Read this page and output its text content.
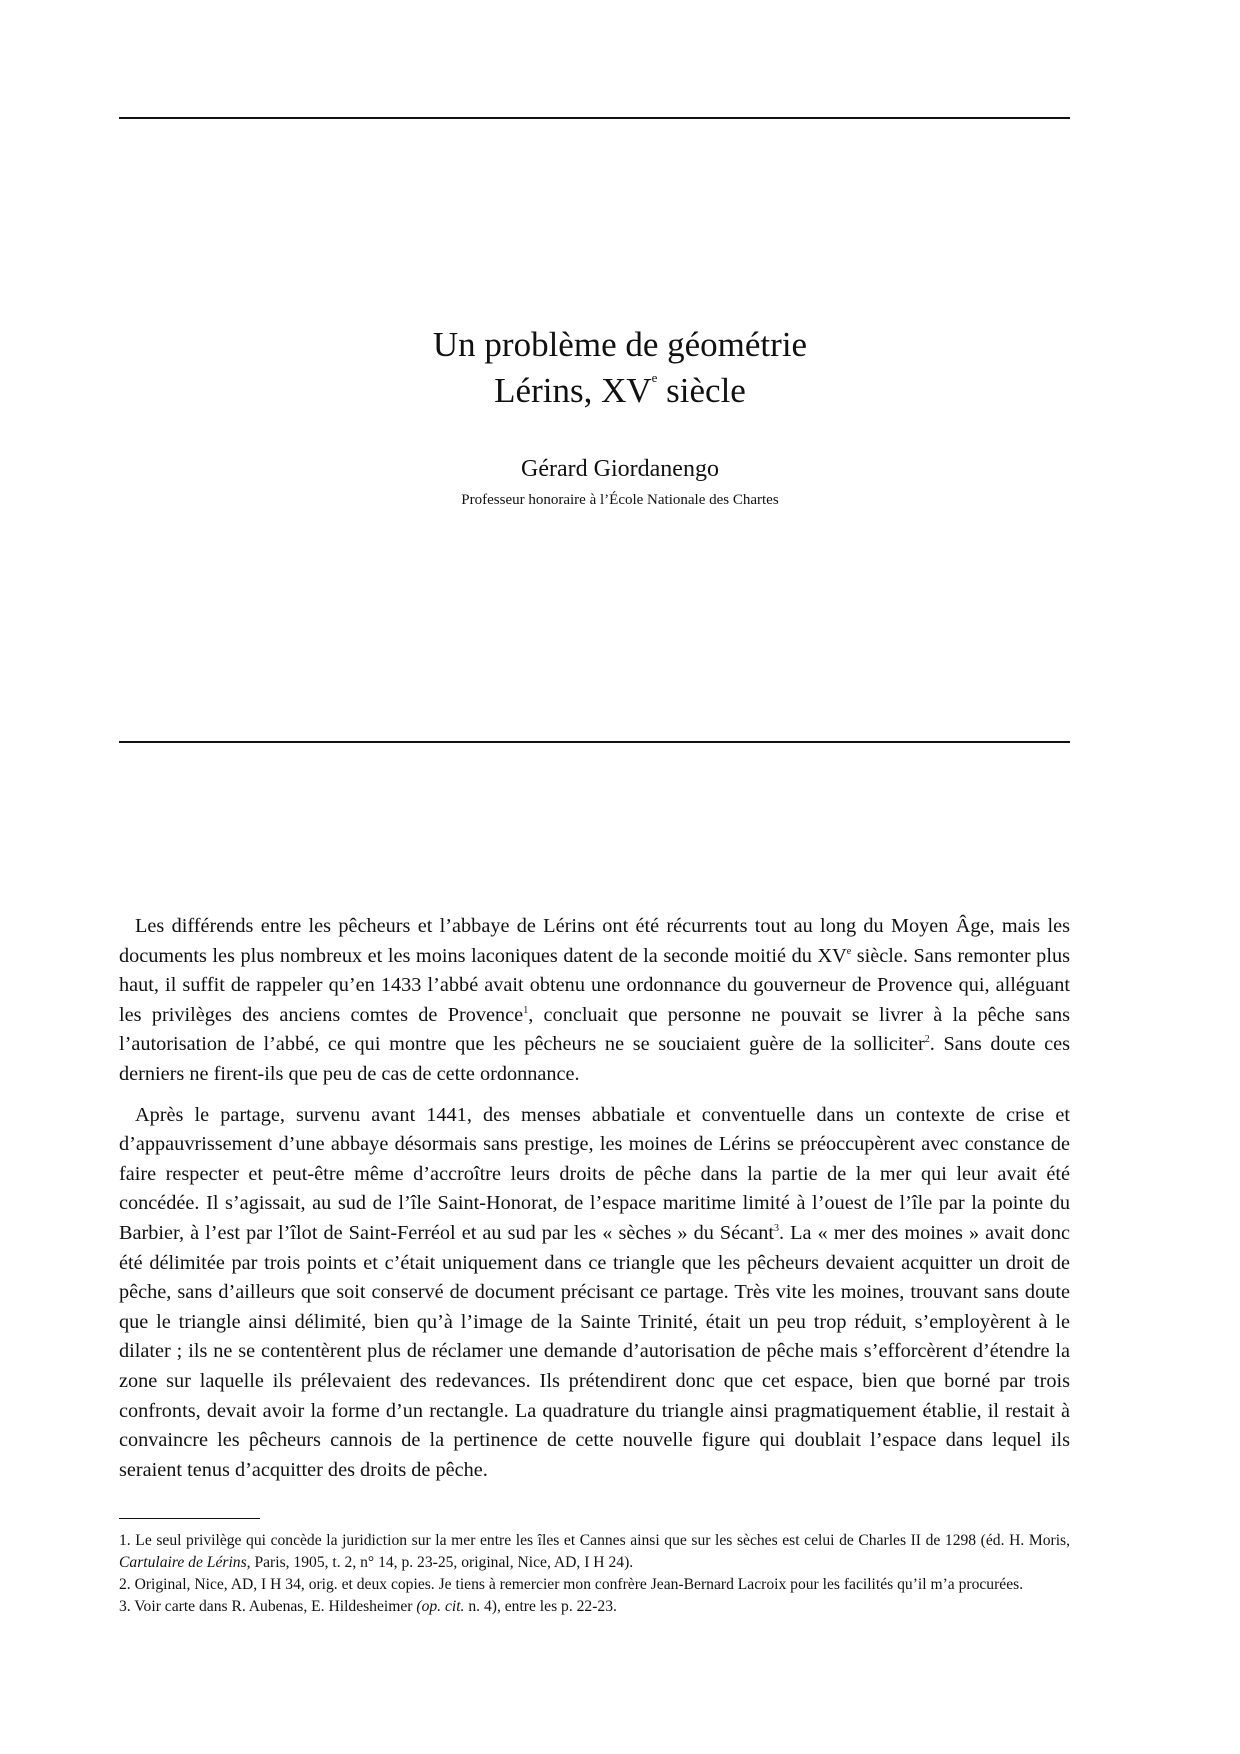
Un problème de géométrie
Lérins, XVe siècle
Gérard Giordanengo
Professeur honoraire à l’École Nationale des Chartes

Les différends entre les pêcheurs et l’abbaye de Lérins ont été récurrents tout au long du Moyen Âge, mais les documents les plus nombreux et les moins laconiques datent de la seconde moitié du XVe siècle. Sans remonter plus haut, il suffit de rappeler qu’en 1433 l’abbé avait obtenu une ordonnance du gouverneur de Provence qui, alléguant les privilèges des anciens comtes de Provence$^1$, concluait que personne ne pouvait se livrer à la pêche sans l’autorisation de l’abbé, ce qui montre que les pêcheurs ne se souciaient guère de la solliciter$^2$. Sans doute ces derniers ne firent-ils que peu de cas de cette ordonnance.

Après le partage, survenu avant 1441, des menses abbatiale et conventuelle dans un contexte de crise et d’appauvrissement d’une abbaye désormais sans prestige, les moines de Lérins se préoccupèrent avec constance de faire respecter et peut-être même d’accroître leurs droits de pêche dans la partie de la mer qui leur avait été concédée. Il s’agissait, au sud de l’île Saint-Honorat, de l’espace maritime limité à l’ouest de l’île par la pointe du Barbier, à l’est par l’îlot de Saint-Ferréol et au sud par les « sèches » du Sécant$^3$. La « mer des moines » avait donc été délimitée par trois points et c’était uniquement dans ce triangle que les pêcheurs devaient acquitter un droit de pêche, sans d’ailleurs que soit conservé de document précisant ce partage. Très vite les moines, trouvant sans doute que le triangle ainsi délimité, bien qu’à l’image de la Sainte Trinité, était un peu trop réduit, s’employèrent à le dilater ; ils ne se contentèrent plus de réclamer une demande d’autorisation de pêche mais s’efforcèrent d’étendre la zone sur laquelle ils prélevaient des redevances. Ils prétendirent donc que cet espace, bien que borné par trois confronts, devait avoir la forme d’un rectangle. La quadrature du triangle ainsi pragmatiquement établie, il restait à convaincre les pêcheurs cannois de la pertinence de cette nouvelle figure qui doublait l’espace dans lequel ils seraient tenus d’acquitter des droits de pêche.

1. Le seul privilège qui concède la juridiction sur la mer entre les îles et Cannes ainsi que sur les sèches est celui de Charles II de 1298 (éd. H. Moris, Cartulaire de Lérins, Paris, 1905, t. 2, n° 14, p. 23-25, original, Nice, AD, I H 24).
2. Original, Nice, AD, I H 34, orig. et deux copies. Je tiens à remercier mon confrère Jean-Bernard Lacroix pour les facilités qu’il m’a procurées.
3. Voir carte dans R. Aubenas, E. Hildesheimer (op. cit. n. 4), entre les p. 22-23.
